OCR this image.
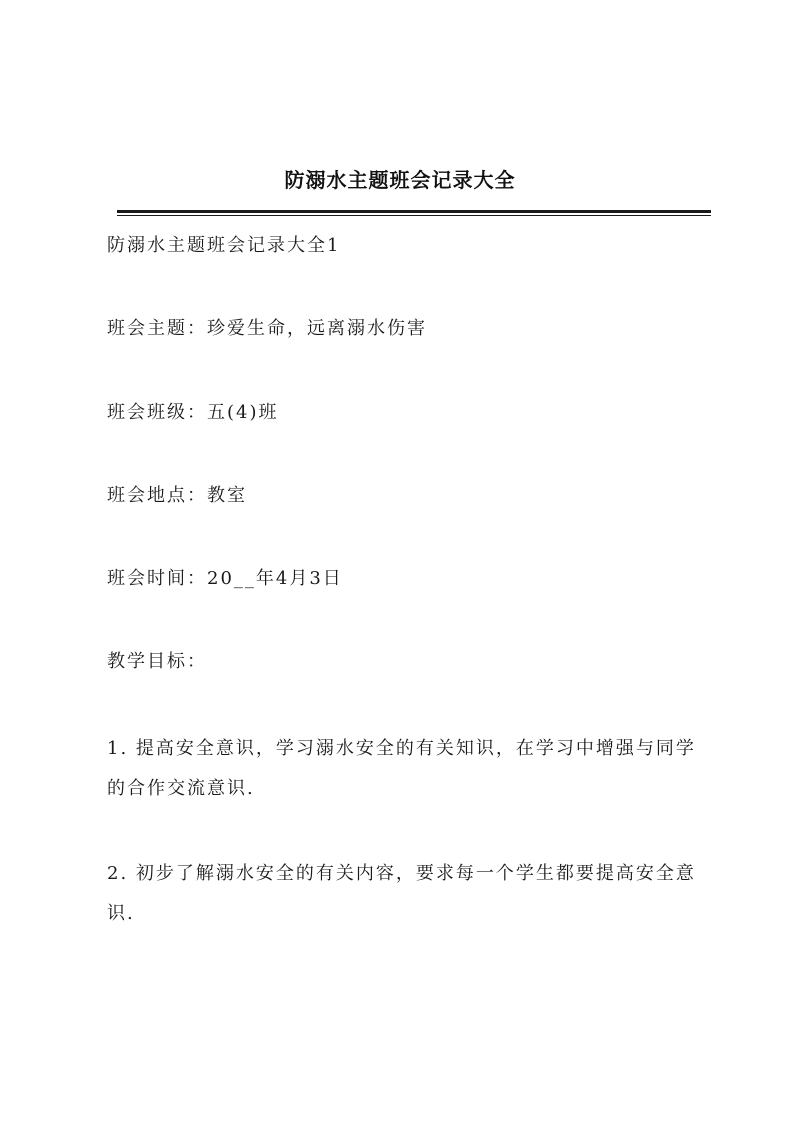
防溺水主题班会记录大全
防溺水主题班会记录大全1
班会主题：珍爱生命，远离溺水伤害
班会班级：五(4)班
班会地点：教室
班会时间：20__年4月3日
教学目标：
1. 提高安全意识，学习溺水安全的有关知识，在学习中增强与同学的合作交流意识.
2. 初步了解溺水安全的有关内容，要求每一个学生都要提高安全意识.
